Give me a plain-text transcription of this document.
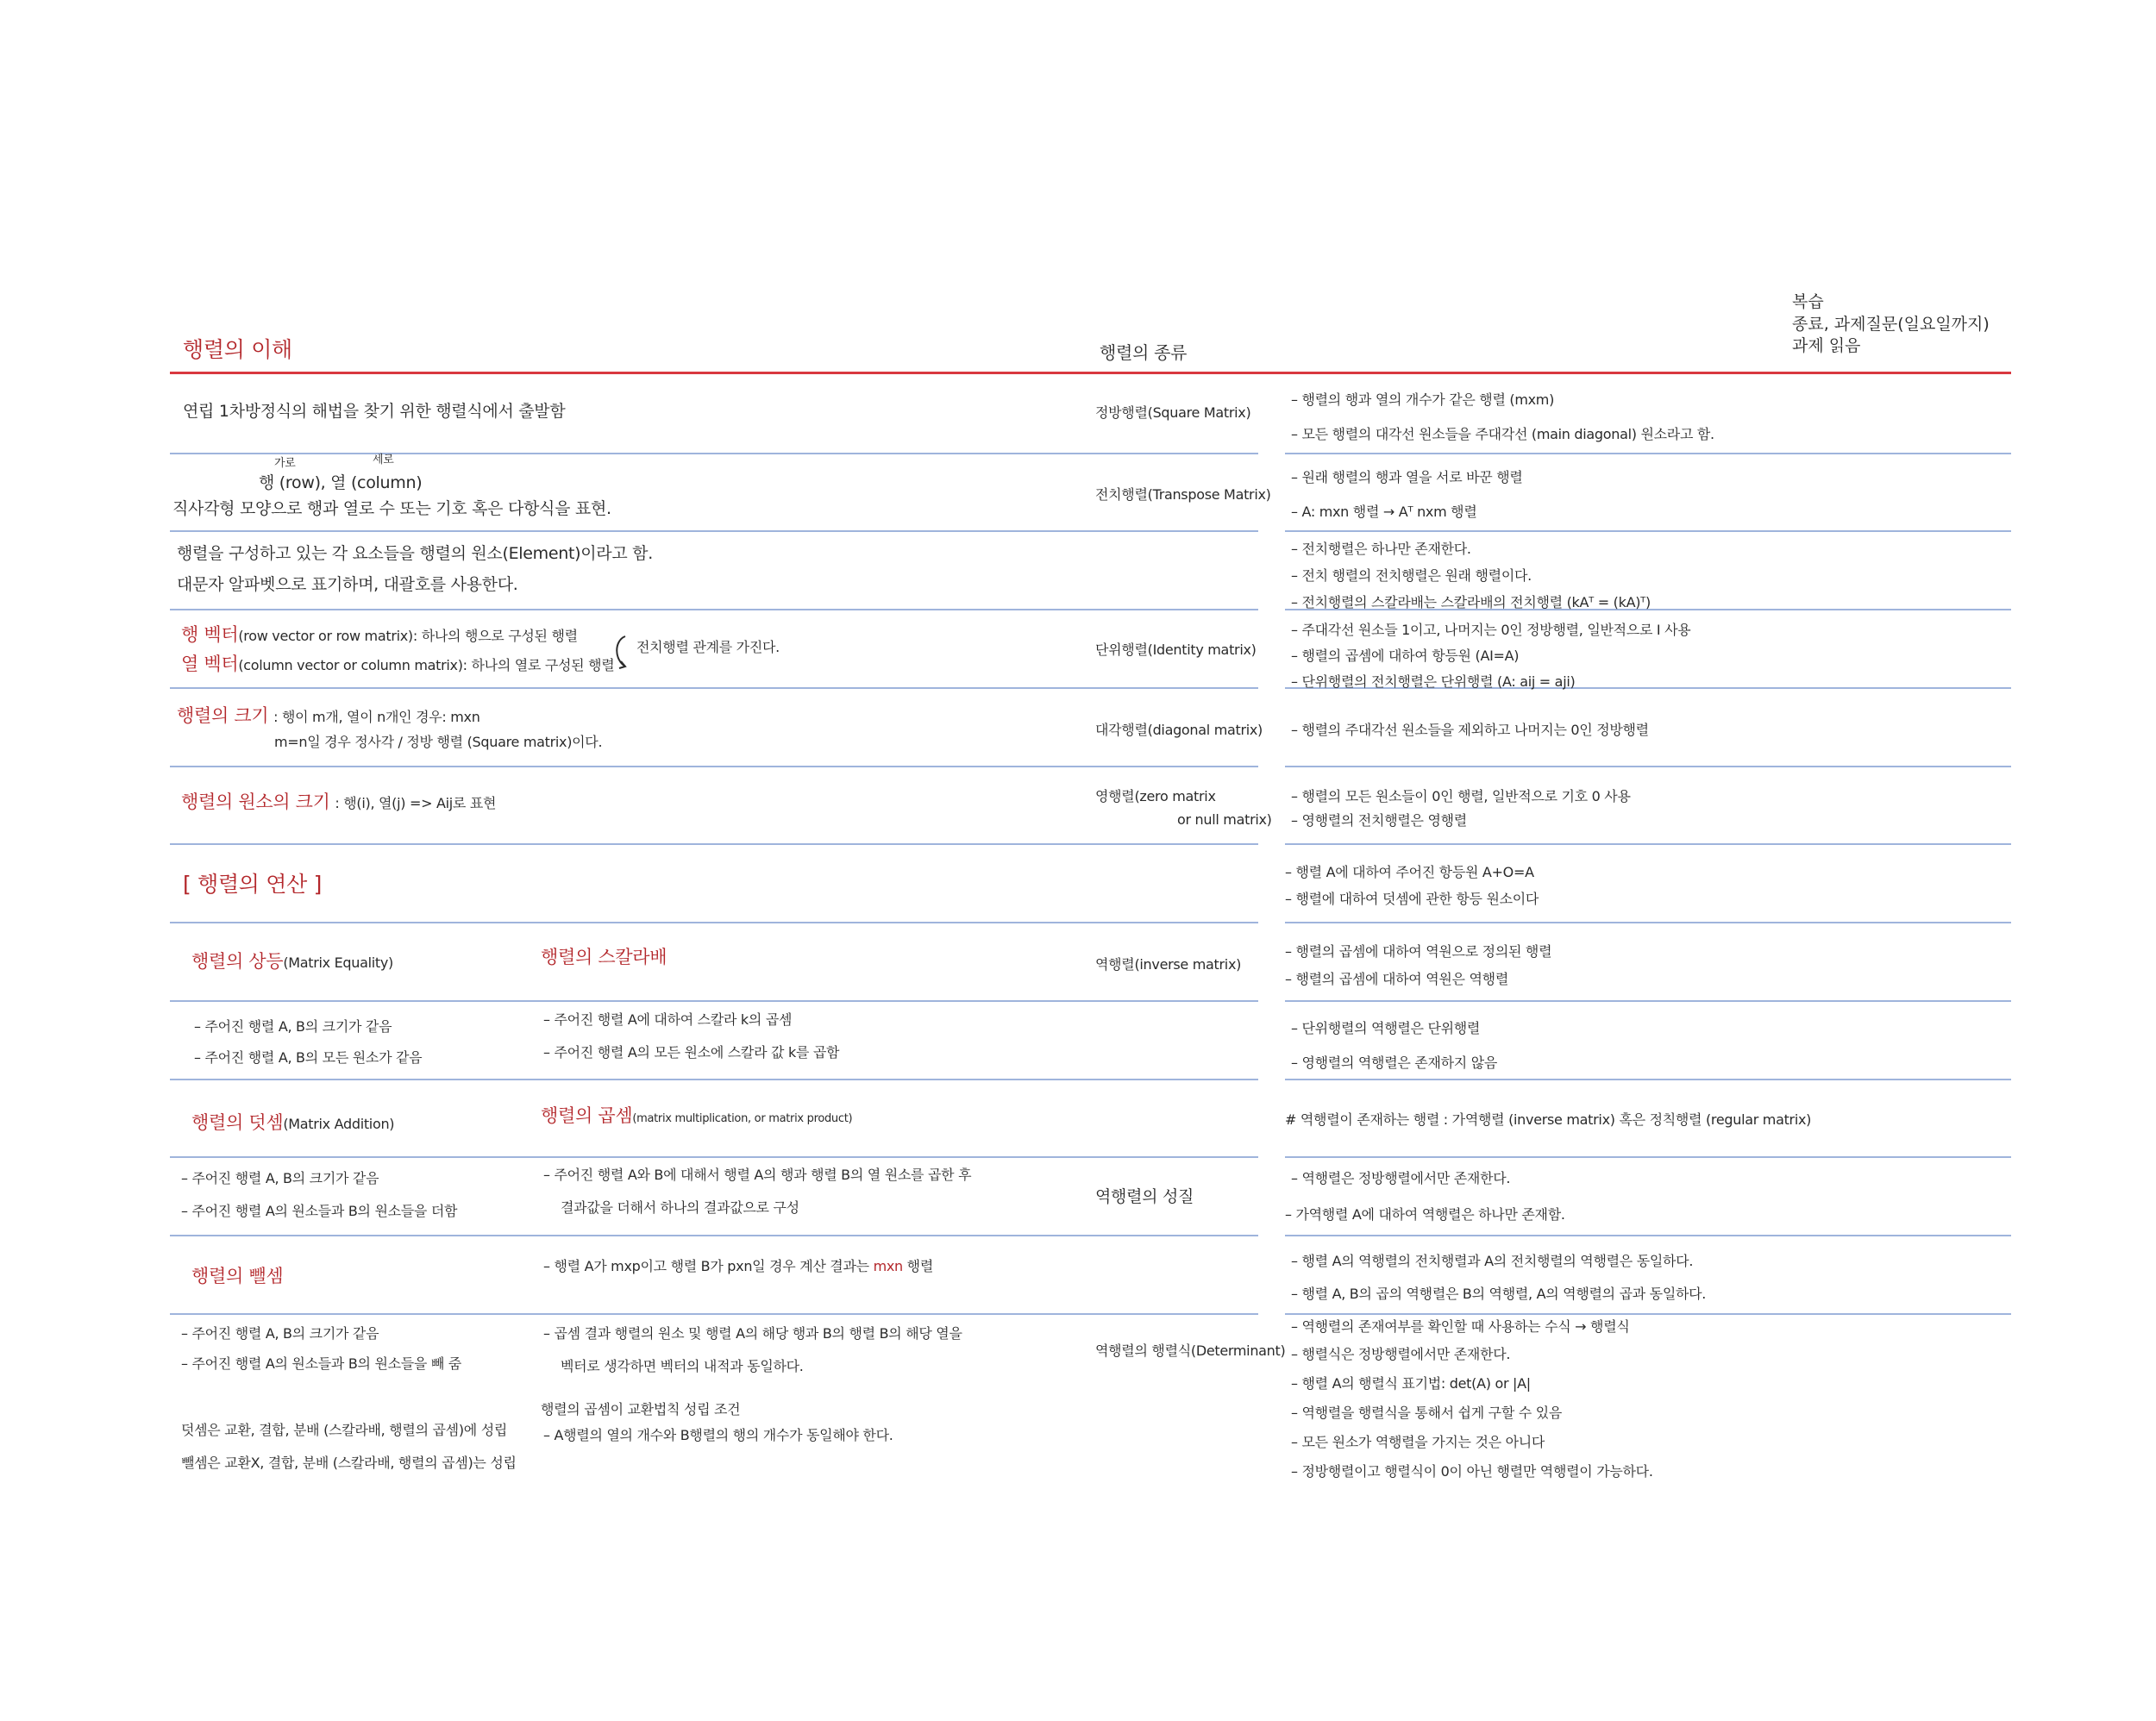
복습
종료, 과제질문(일요일까지)
과제 읽음
행렬의 이해	행렬의 종류
연립 1차방정식의 해법을 찾기 위한 행렬식에서 출발함
가로	세로
행 (row), 열 (column)
직사각형 모양으로 행과 열로 수 또는 기호 혹은 다항식을 표현.
행렬을 구성하고 있는 각 요소들을 행렬의 원소(Element)이라고 함.
대문자 알파벳으로 표기하며, 대괄호를 사용한다.
행 벡터(row vector or row matrix): 하나의 행으로 구성된 행렬
열 벡터(column vector or column matrix): 하나의 열로 구성된 행렬
전치행렬 관계를 가진다.
행렬의 크기 : 행이 m개, 열이 n개인 경우: mxn
m=n일 경우 정사각 / 정방 행렬 (Square matrix)이다.
행렬의 원소의 크기 : 행(i), 열(j) => Aij로 표현
[ 행렬의 연산 ]
행렬의 상등(Matrix Equality)
– 주어진 행렬 A, B의 크기가 같음
– 주어진 행렬 A, B의 모든 원소가 같음
행렬의 덧셈(Matrix Addition)
– 주어진 행렬 A, B의 크기가 같음
– 주어진 행렬 A의 원소들과 B의 원소들을 더함
행렬의 뺄셈
– 주어진 행렬 A, B의 크기가 같음
– 주어진 행렬 A의 원소들과 B의 원소들을 빼 줌
덧셈은 교환, 결합, 분배 (스칼라배, 행렬의 곱셈)에 성립
뺄셈은 교환X, 결합, 분배 (스칼라배, 행렬의 곱셈)는 성립
행렬의 스칼라배
– 주어진 행렬 A에 대하여 스칼라 k의 곱셈
– 주어진 행렬 A의 모든 원소에 스칼라 값 k를 곱함
행렬의 곱셈(matrix multiplication, or matrix product)
– 주어진 행렬 A와 B에 대해서 행렬 A의 행과 행렬 B의 열 원소를 곱한 후
결과값을 더해서 하나의 결과값으로 구성
– 행렬 A가 mxp이고 행렬 B가 pxn일 경우 계산 결과는 mxn 행렬
– 곱셈 결과 행렬의 원소 및 행렬 A의 해당 행과 B의 행렬 B의 해당 열을
벡터로 생각하면 벡터의 내적과 동일하다.
행렬의 곱셈이 교환법칙 성립 조건
– A행렬의 열의 개수와 B행렬의 행의 개수가 동일해야 한다.
정방행렬(Square Matrix)
– 행렬의 행과 열의 개수가 같은 행렬 (mxm)
– 모든 행렬의 대각선 원소들을 주대각선 (main diagonal) 원소라고 함.
전치행렬(Transpose Matrix)
– 원래 행렬의 행과 열을 서로 바꾼 행렬
– A: mxn 행렬 → Aᵀ nxm 행렬
– 전치행렬은 하나만 존재한다.
– 전치 행렬의 전치행렬은 원래 행렬이다.
– 전치행렬의 스칼라배는 스칼라배의 전치행렬 (kAᵀ = (kA)ᵀ)
단위행렬(Identity matrix)
– 주대각선 원소들 1이고, 나머지는 0인 정방행렬, 일반적으로 I 사용
– 행렬의 곱셈에 대하여 항등원 (AI=A)
– 단위행렬의 전치행렬은 단위행렬 (A: aij = aji)
대각행렬(diagonal matrix) – 행렬의 주대각선 원소들을 제외하고 나머지는 0인 정방행렬
영행렬(zero matrix
or null matrix)
– 행렬의 모든 원소들이 0인 행렬, 일반적으로 기호 0 사용
– 영행렬의 전치행렬은 영행렬
– 행렬 A에 대하여 주어진 항등원 A+O=A
– 행렬에 대하여 덧셈에 관한 항등 원소이다
역행렬(inverse matrix)
– 행렬의 곱셈에 대하여 역원으로 정의된 행렬
– 행렬의 곱셈에 대하여 역원은 역행렬
– 단위행렬의 역행렬은 단위행렬
– 영행렬의 역행렬은 존재하지 않음
# 역행렬이 존재하는 행렬 : 가역행렬 (inverse matrix) 혹은 정칙행렬 (regular matrix)
역행렬의 성질
– 역행렬은 정방행렬에서만 존재한다.
– 가역행렬 A에 대하여 역행렬은 하나만 존재함.
– 행렬 A의 역행렬의 전치행렬과 A의 전치행렬의 역행렬은 동일하다.
– 행렬 A, B의 곱의 역행렬은 B의 역행렬, A의 역행렬의 곱과 동일하다.
역행렬의 행렬식(Determinant)
– 역행렬의 존재여부를 확인할 때 사용하는 수식 → 행렬식
– 행렬식은 정방행렬에서만 존재한다.
– 행렬 A의 행렬식 표기법: det(A) or |A|
– 역행렬을 행렬식을 통해서 쉽게 구할 수 있음
– 모든 원소가 역행렬을 가지는 것은 아니다
– 정방행렬이고 행렬식이 0이 아닌 행렬만 역행렬이 가능하다.
